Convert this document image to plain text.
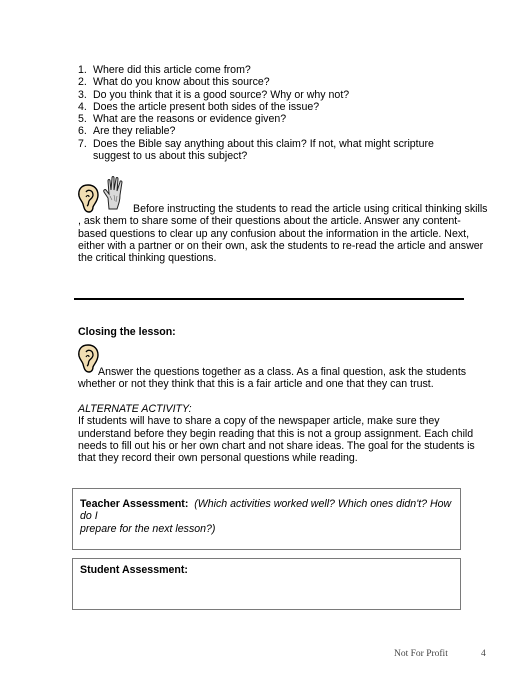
1. Where did this article come from?
2. What do you know about this source?
3. Do you think that it is a good source? Why or why not?
4. Does the article present both sides of the issue?
5. What are the reasons or evidence given?
6. Are they reliable?
7. Does the Bible say anything about this claim? If not, what might scripture suggest to us about this subject?
Before instructing the students to read the article using critical thinking skills
, ask them to share some of their questions about the article. Answer any content-
based questions to clear up any confusion about the information in the article. Next,
either with a partner or on their own, ask the students to re-read the article and answer
the critical thinking questions.
Closing the lesson:
Answer the questions together as a class. As a final question, ask the students
whether or not they think that this is a fair article and one that they can trust.
ALTERNATE ACTIVITY:
If students will have to share a copy of the newspaper article, make sure they
understand before they begin reading that this is not a group assignment. Each child
needs to fill out his or her own chart and not share ideas. The goal for the students is
that they record their own personal questions while reading.
Teacher Assessment: (Which activities worked well? Which ones didn't? How do I
prepare for the next lesson?)
Student Assessment:
Not For Profit	4
